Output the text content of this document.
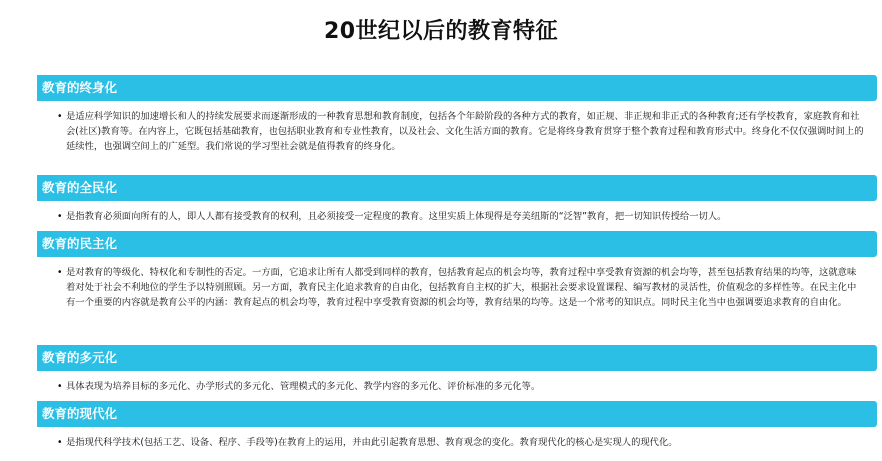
20世纪以后的教育特征
教育的终身化
• 是适应科学知识的加速增长和人的持续发展要求而逐渐形成的一种教育思想和教育制度，包括各个年龄阶段的各种方式的教育，如正规、非正规和非正式的各种教育;还有学校教育，家庭教育和社会(社区)教育等。在内容上，它既包括基础教育，也包括职业教育和专业性教育，以及社会、文化生活方面的教育。它是将终身教育贯穿于整个教育过程和教育形式中。终身化不仅仅强调时间上的延续性，也强调空间上的广延型。我们常说的学习型社会就是值得教育的终身化。
教育的全民化
• 是指教育必须面向所有的人，即人人都有接受教育的权利，且必须接受一定程度的教育。这里实质上体现得是夸美纽斯的“泛智”教育，把一切知识传授给一切人。
教育的民主化
• 是对教育的等级化、特权化和专制性的否定。一方面，它追求让所有人都受到同样的教育，包括教育起点的机会均等，教育过程中享受教育资源的机会均等，甚至包括教育结果的均等，这就意味着对处于社会不利地位的学生予以特别照顾。另一方面，教育民主化追求教育的自由化，包括教育自主权的扩大，根据社会要求设置课程、编写教材的灵活性，价值观念的多样性等。在民主化中有一个重要的内容就是教育公平的内涵：教育起点的机会均等，教育过程中享受教育资源的机会均等，教育结果的均等。这是一个常考的知识点。同时民主化当中也强调要追求教育的自由化。
教育的多元化
• 具体表现为培养目标的多元化、办学形式的多元化、管理模式的多元化、教学内容的多元化、评价标准的多元化等。
教育的现代化
• 是指现代科学技术(包括工艺、设备、程序、手段等)在教育上的运用，并由此引起教育思想、教育观念的变化。教育现代化的核心是实现人的现代化。
